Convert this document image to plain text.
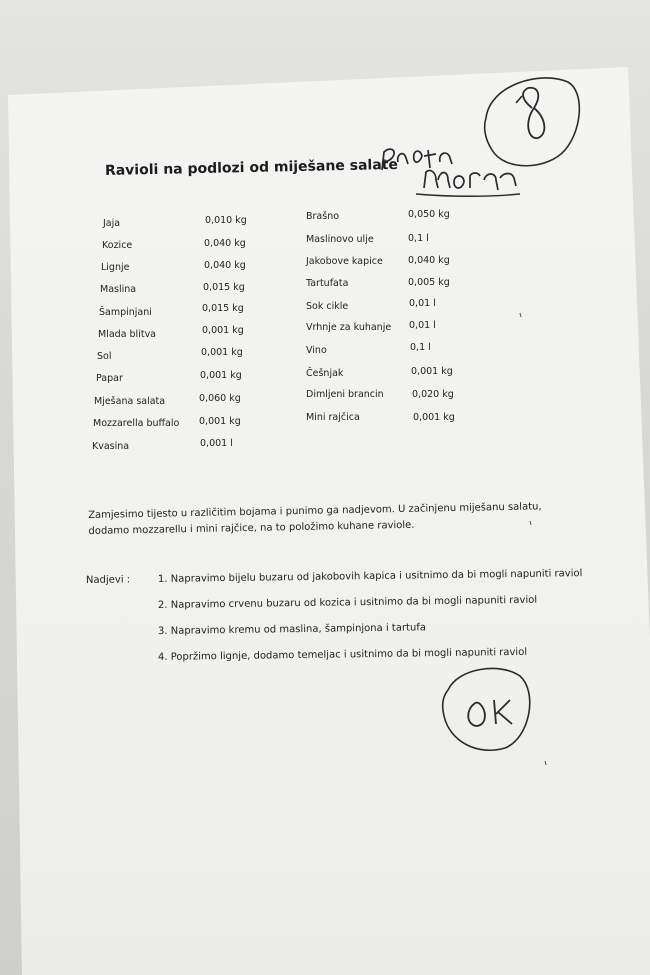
Ravioli na podlozi od miješane salate
Jaja	0,010 kg
Kozice	0,040 kg
Lignje	0,040 kg
Maslina	0,015 kg
Šampinjani	0,015 kg
Mlada blitva	0,001 kg
Sol	0,001 kg
Papar	0,001 kg
Mješana salata	0,060 kg
Mozzarella buffalo 0,001 kg
Kvasina	0,001 l
Brašno	0,050 kg
Maslinovo ulje	0,1 l
Jakobove kapice	0,040 kg
Tartufata	0,005 kg
Sok cikle	0,01 l
Vrhnje za kuhanje 0,01 l
Vino	0,1 l
Češnjak	0,001 kg
Dimljeni brancin	0,020 kg
Mini rajčica	0,001 kg
Zamjesimo tijesto u različitim bojama i punimo ga nadjevom. U začinjenu miješanu salatu, dodamo mozzarellu i mini rajčice, na to položimo kuhane raviole.
Nadjevi :	1. Napravimo bijelu buzaru od jakobovih kapica i usitnimo da bi mogli napuniti raviol
2. Napravimo crvenu buzaru od kozica i usitnimo da bi mogli napuniti raviol
3. Napravimo kremu od maslina, šampinjona i tartufa
4. Popržimo lignje, dodamo temeljac i usitnimo da bi mogli napuniti raviol
